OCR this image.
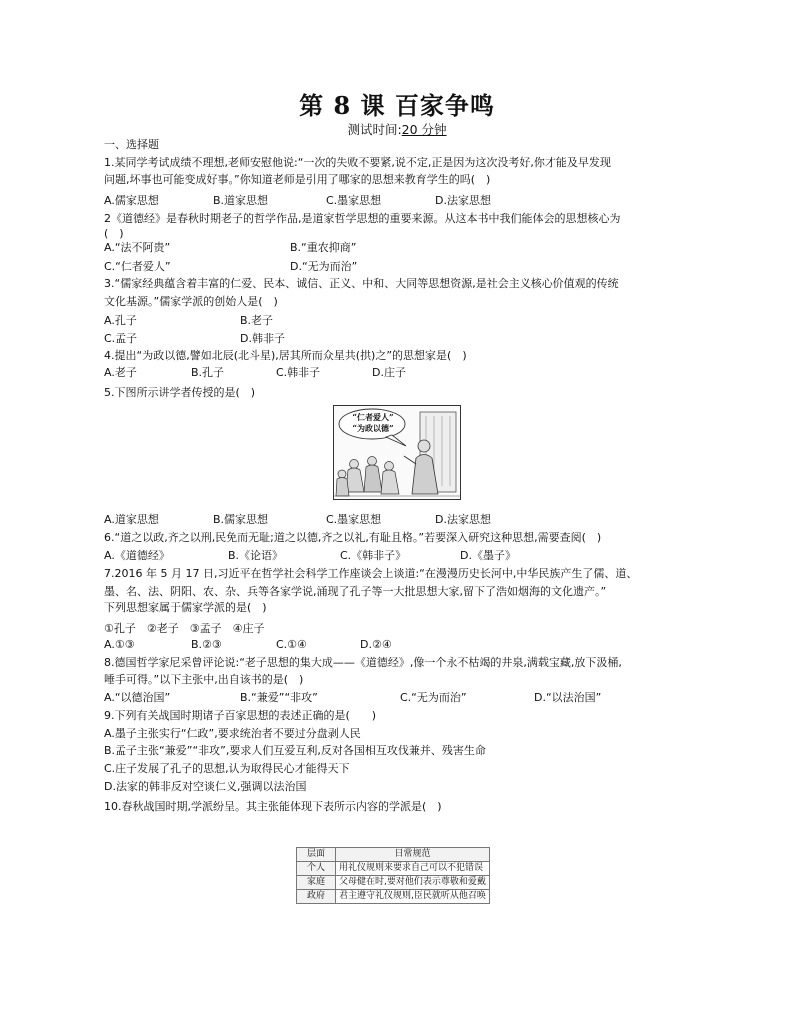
第 8 课 百家争鸣
测试时间:20 分钟
一、选择题
1.某同学考试成绩不理想,老师安慰他说:“一次的失败不要紧,说不定,正是因为这次没考好,你才能及早发现
问题,坏事也可能变成好事。”你知道老师是引用了哪家的思想来教育学生的吗(　)
A.儒家思想	B.道家思想	C.墨家思想	D.法家思想
2《道德经》是春秋时期老子的哲学作品,是道家哲学思想的重要来源。从这本书中我们能体会的思想核心为
(　)
A.“法不阿贵”	B.“重农抑商”
C.“仁者爱人”	D.“无为而治”
3.“儒家经典蕴含着丰富的仁爱、民本、诚信、正义、中和、大同等思想资源,是社会主义核心价值观的传统
文化基源。”儒家学派的创始人是(　)
A.孔子	B.老子
C.孟子	D.韩非子
4.提出“为政以德,譬如北辰(北斗星),居其所而众星共(拱)之”的思想家是(　)
A.老子	B.孔子	C.韩非子	D.庄子
5.下图所示讲学者传授的是(　)
“仁者爱人”
“为政以德”
A.道家思想	B.儒家思想	C.墨家思想	D.法家思想
6.“道之以政,齐之以刑,民免而无耻;道之以德,齐之以礼,有耻且格。”若要深入研究这种思想,需要查阅(　)
A.《道德经》	B.《论语》	C.《韩非子》	D.《墨子》
7.2016 年 5 月 17 日,习近平在哲学社会科学工作座谈会上谈道:“在漫漫历史长河中,中华民族产生了儒、道、
墨、名、法、阴阳、农、杂、兵等各家学说,涌现了孔子等一大批思想大家,留下了浩如烟海的文化遗产。”
下列思想家属于儒家学派的是(　)
①孔子　②老子　③孟子　④庄子
A.①③	B.②③	C.①④	D.②④
8.德国哲学家尼采曾评论说:“老子思想的集大成——《道德经》,像一个永不枯竭的井泉,满载宝藏,放下汲桶,
唾手可得。”以下主张中,出自该书的是(　)
A.“以德治国”	B.“兼爱”“非攻”	C.“无为而治”	D.“以法治国”
9.下列有关战国时期诸子百家思想的表述正确的是(　　)
A.墨子主张实行“仁政”,要求统治者不要过分盘剥人民
B.孟子主张“兼爱”“非攻”,要求人们互爱互利,反对各国相互攻伐兼并、残害生命
C.庄子发展了孔子的思想,认为取得民心才能得天下
D.法家的韩非反对空谈仁义,强调以法治国
10.春秋战国时期,学派纷呈。其主张能体现下表所示内容的学派是(　)
层面	日常规范
个人	用礼仪规则来要求自己可以不犯错误
家庭	父母健在时,要对他们表示尊敬和爱戴
政府	君主遵守礼仪规则,臣民就听从他召唤
